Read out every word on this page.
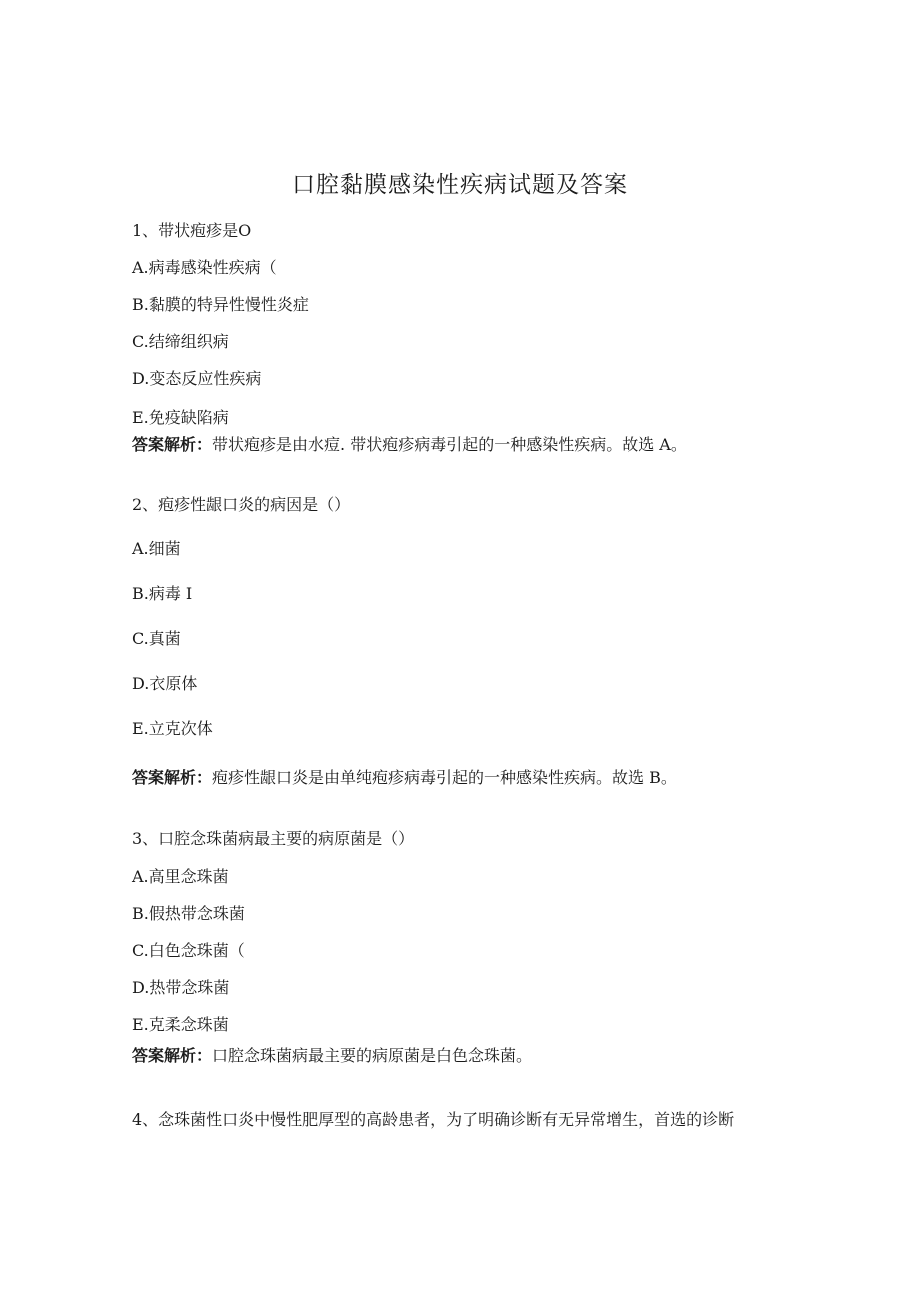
口腔黏膜感染性疾病试题及答案
1、带状疱疹是O
A.病毒感染性疾病（
B.黏膜的特异性慢性炎症
C.结缔组织病
D.变态反应性疾病
E.免疫缺陷病
答案解析：带状疱疹是由水痘. 带状疱疹病毒引起的一种感染性疾病。故选 A。
2、疱疹性龈口炎的病因是（）
A.细菌
B.病毒 I
C.真菌
D.衣原体
E.立克次体
答案解析：疱疹性龈口炎是由单纯疱疹病毒引起的一种感染性疾病。故选 B。
3、口腔念珠菌病最主要的病原菌是（）
A.高里念珠菌
B.假热带念珠菌
C.白色念珠菌（
D.热带念珠菌
E.克柔念珠菌
答案解析：口腔念珠菌病最主要的病原菌是白色念珠菌。
4、念珠菌性口炎中慢性肥厚型的高龄患者，为了明确诊断有无异常增生，首选的诊断
